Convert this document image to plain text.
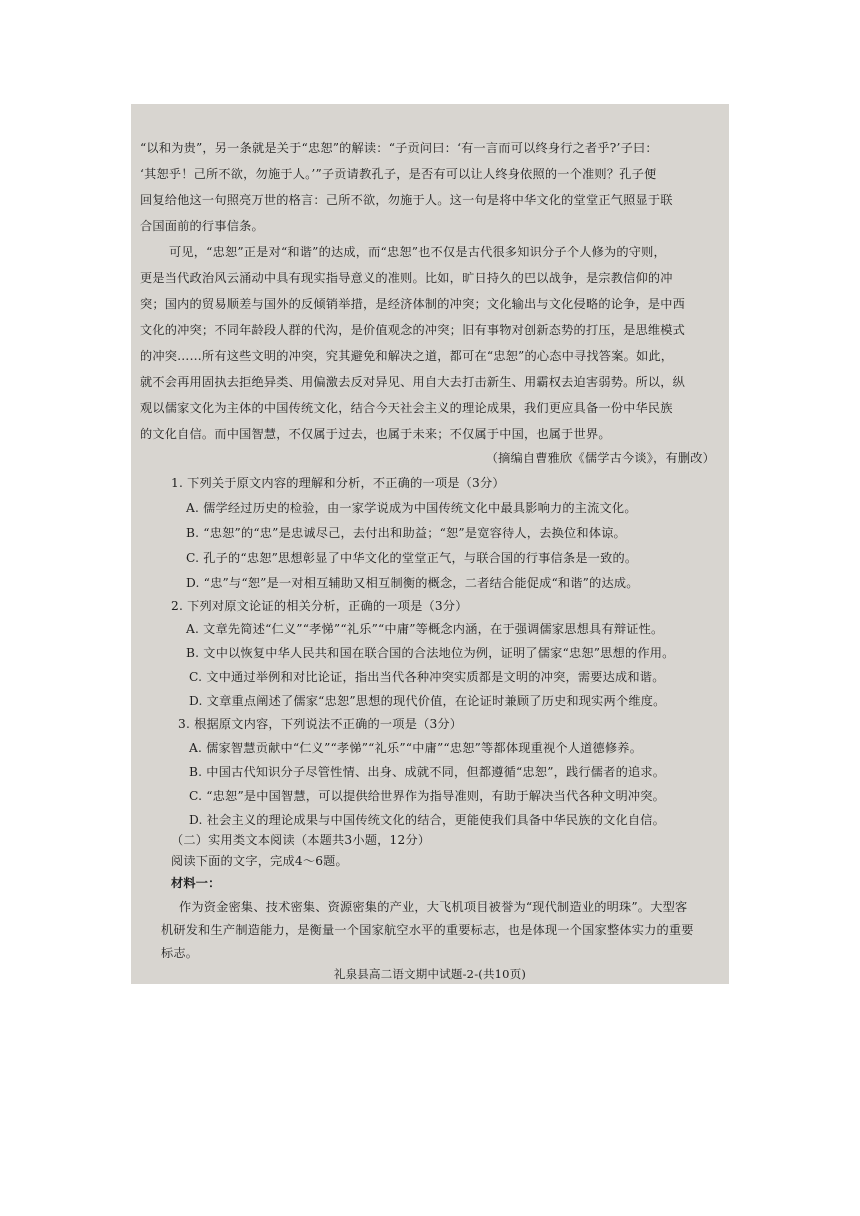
“以和为贵”，另一条就是关于“忠恕”的解读：“子贡问曰：‘有一言而可以终身行之者乎?’子曰：
‘其恕乎！己所不欲，勿施于人。’”子贡请教孔子，是否有可以让人终身依照的一个准则？孔子便
回复给他这一句照亮万世的格言：己所不欲，勿施于人。这一句是将中华文化的堂堂正气照显于联
合国面前的行事信条。
可见，“忠恕”正是对“和谐”的达成，而“忠恕”也不仅是古代很多知识分子个人修为的守则，
更是当代政治风云涌动中具有现实指导意义的准则。比如，旷日持久的巴以战争，是宗教信仰的冲
突；国内的贸易顺差与国外的反倾销举措，是经济体制的冲突；文化输出与文化侵略的论争，是中西
文化的冲突；不同年龄段人群的代沟，是价值观念的冲突；旧有事物对创新态势的打压，是思维模式
的冲突……所有这些文明的冲突，究其避免和解决之道，都可在“忠恕”的心态中寻找答案。如此，
就不会再用固执去拒绝异类、用偏激去反对异见、用自大去打击新生、用霸权去迫害弱势。所以，纵
观以儒家文化为主体的中国传统文化，结合今天社会主义的理论成果，我们更应具备一份中华民族
的文化自信。而中国智慧，不仅属于过去，也属于未来；不仅属于中国，也属于世界。
（摘编自曹雅欣《儒学古今谈》，有删改）
1. 下列关于原文内容的理解和分析，不正确的一项是（3分）
A. 儒学经过历史的检验，由一家学说成为中国传统文化中最具影响力的主流文化。
B. “忠恕”的“忠”是忠诚尽己，去付出和助益；“恕”是宽容待人，去换位和体谅。
C. 孔子的“忠恕”思想彰显了中华文化的堂堂正气，与联合国的行事信条是一致的。
D. “忠”与“恕”是一对相互辅助又相互制衡的概念，二者结合能促成“和谐”的达成。
2. 下列对原文论证的相关分析，正确的一项是（3分）
A. 文章先简述“仁义”“孝悌”“礼乐”“中庸”等概念内涵，在于强调儒家思想具有辩证性。
B. 文中以恢复中华人民共和国在联合国的合法地位为例，证明了儒家“忠恕”思想的作用。
C. 文中通过举例和对比论证，指出当代各种冲突实质都是文明的冲突，需要达成和谐。
D. 文章重点阐述了儒家“忠恕”思想的现代价值，在论证时兼顾了历史和现实两个维度。
3. 根据原文内容，下列说法不正确的一项是（3分）
A. 儒家智慧贡献中“仁义”“孝悌”“礼乐”“中庸”“忠恕”等都体现重视个人道德修养。
B. 中国古代知识分子尽管性情、出身、成就不同，但都遵循“忠恕”，践行儒者的追求。
C. “忠恕”是中国智慧，可以提供给世界作为指导准则，有助于解决当代各种文明冲突。
D. 社会主义的理论成果与中国传统文化的结合，更能使我们具备中华民族的文化自信。
（二）实用类文本阅读（本题共3小题，12分）
阅读下面的文字，完成4～6题。
材料一：
作为资金密集、技术密集、资源密集的产业，大飞机项目被誉为“现代制造业的明珠”。大型客
机研发和生产制造能力，是衡量一个国家航空水平的重要标志，也是体现一个国家整体实力的重要
标志。
礼泉县高二语文期中试题-2-(共10页)
